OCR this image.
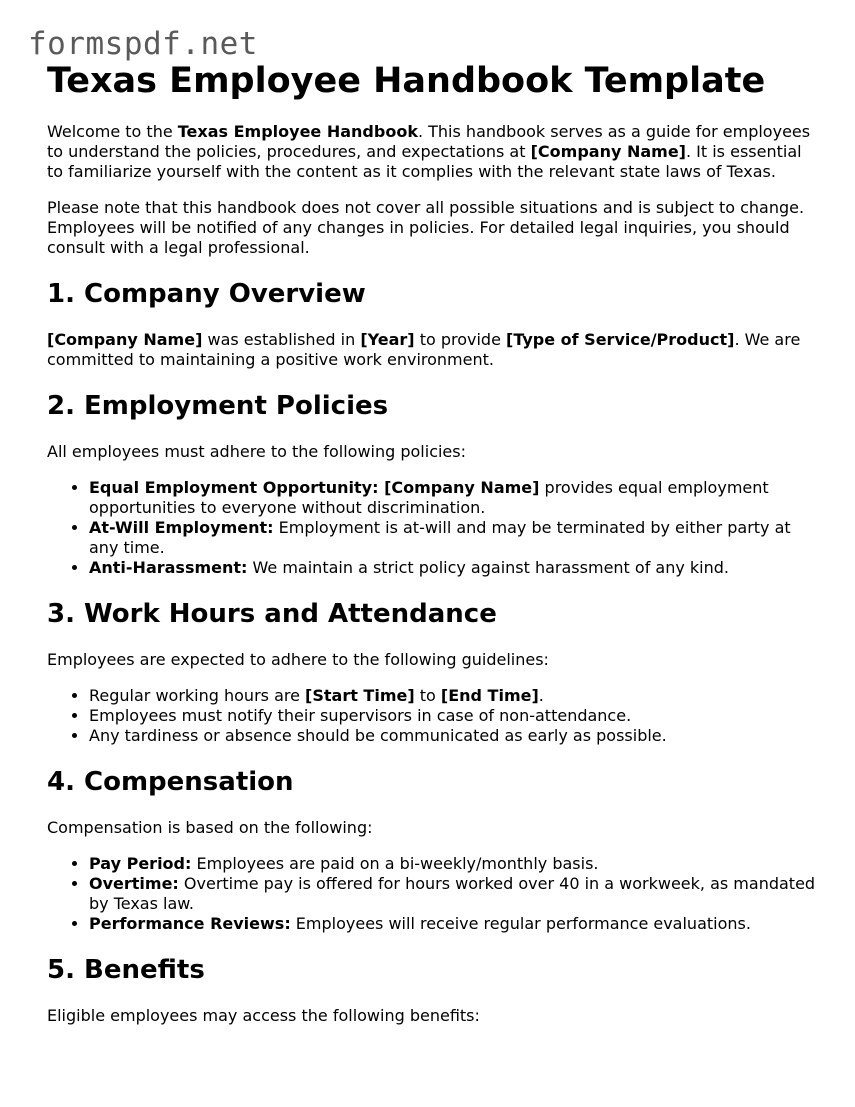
formspdf.net
Texas Employee Handbook Template

Welcome to the Texas Employee Handbook. This handbook serves as a guide for employees to understand the policies, procedures, and expectations at [Company Name]. It is essential to familiarize yourself with the content as it complies with the relevant state laws of Texas.

Please note that this handbook does not cover all possible situations and is subject to change. Employees will be notified of any changes in policies. For detailed legal inquiries, you should consult with a legal professional.

1. Company Overview

[Company Name] was established in [Year] to provide [Type of Service/Product]. We are committed to maintaining a positive work environment.

2. Employment Policies

All employees must adhere to the following policies:

• Equal Employment Opportunity: [Company Name] provides equal employment opportunities to everyone without discrimination.
• At-Will Employment: Employment is at-will and may be terminated by either party at any time.
• Anti-Harassment: We maintain a strict policy against harassment of any kind.
3. Work Hours and Attendance

Employees are expected to adhere to the following guidelines:

• Regular working hours are [Start Time] to [End Time].
• Employees must notify their supervisors in case of non-attendance.
• Any tardiness or absence should be communicated as early as possible.
4. Compensation

Compensation is based on the following:

• Pay Period: Employees are paid on a bi-weekly/monthly basis.
• Overtime: Overtime pay is offered for hours worked over 40 in a workweek, as mandated by Texas law.
• Performance Reviews: Employees will receive regular performance evaluations.
5. Benefits

Eligible employees may access the following benefits:
